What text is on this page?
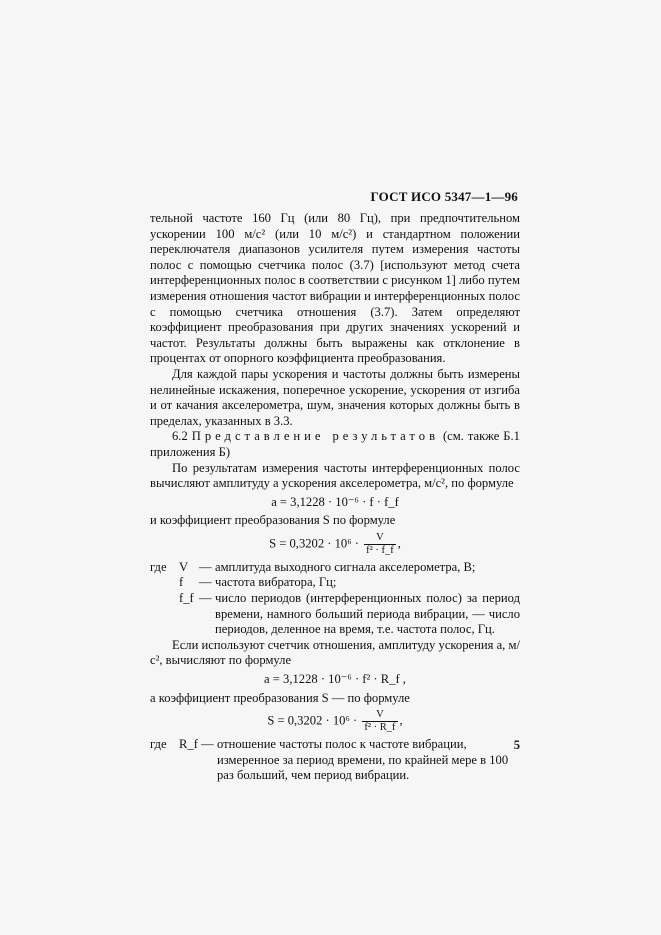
ГОСТ ИСО 5347—1—96

тельной частоте 160 Гц (или 80 Гц), при предпочтительном ускорении 100 м/с² (или 10 м/с²) и стандартном положении переключателя диапазонов усилителя путем измерения частоты полос с помощью счетчика полос (3.7) [используют метод счета интерференционных полос в соответствии с рисунком 1] либо путем измерения отношения частот вибрации и интерференционных полос с помощью счетчика отношения (3.7). Затем определяют коэффициент преобразования при других значениях ускорений и частот. Результаты должны быть выражены как отклонение в процентах от опорного коэффициента преобразования.

Для каждой пары ускорения и частоты должны быть измерены нелинейные искажения, поперечное ускорение, ускорения от изгиба и от качания акселерометра, шум, значения которых должны быть в пределах, указанных в 3.3.

6.2 Представление результатов (см. также Б.1 приложения Б)

По результатам измерения частоты интерференционных полос вычисляют амплитуду a ускорения акселерометра, м/с², по формуле

a = 3,1228 · 10⁻⁶ · f · f_f

и коэффициент преобразования S по формуле

$S = 0,3202 \cdot 10^6 \cdot \frac{V}{\text{f² · f\_f}}$ ,
где V — амплитуда выходного сигнала акселерометра, В;
f	— частота вибратора, Гц;
f_f — число периодов (интерференционных полос) за период времени, намного больший периода вибрации, — число периодов, деленное на время, т.е. частота полос, Гц.

Если используют счетчик отношения, амплитуду ускорения a, м/с², вычисляют по формуле

a = 3,1228 · 10⁻⁶ · f² · R_f ,

а коэффициент преобразования S — по формуле

$S = 0,3202 \cdot 10^6 \cdot \frac{V}{\text{f² · R\_f}}$ ,
где R_f — отношение частоты полос к частоте вибрации, измеренное за период времени, по крайней мере в 100 раз больший, чем период вибрации.
5
